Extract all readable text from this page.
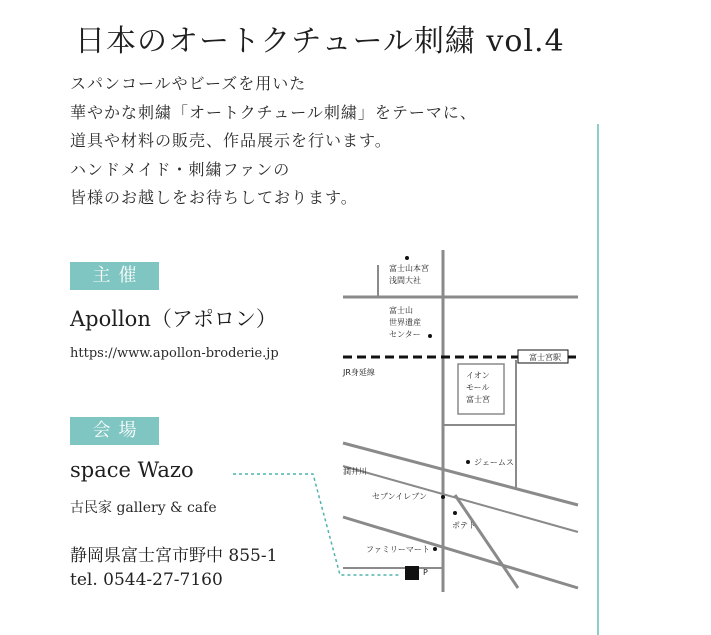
日本のオートクチュール刺繍 vol.4
スパンコールやビーズを用いた
華やかな刺繍「オートクチュール刺繍」をテーマに、
道具や材料の販売、作品展示を行います。
ハンドメイド・刺繍ファンの
皆様のお越しをお待ちしております。
主催
Apollon（アポロン）
https://www.apollon-broderie.jp
会場
space Wazo
古民家 gallery & cafe
静岡県富士宮市野中 855-1
tel. 0544-27-7160
富士山本宮
浅間大社
富士山
世界遺産
センター
JR身延線
富士宮駅
イオン
モール
富士宮
潤井川
ジェームス
セブンイレブン
ポテト
ファミリーマート
P
